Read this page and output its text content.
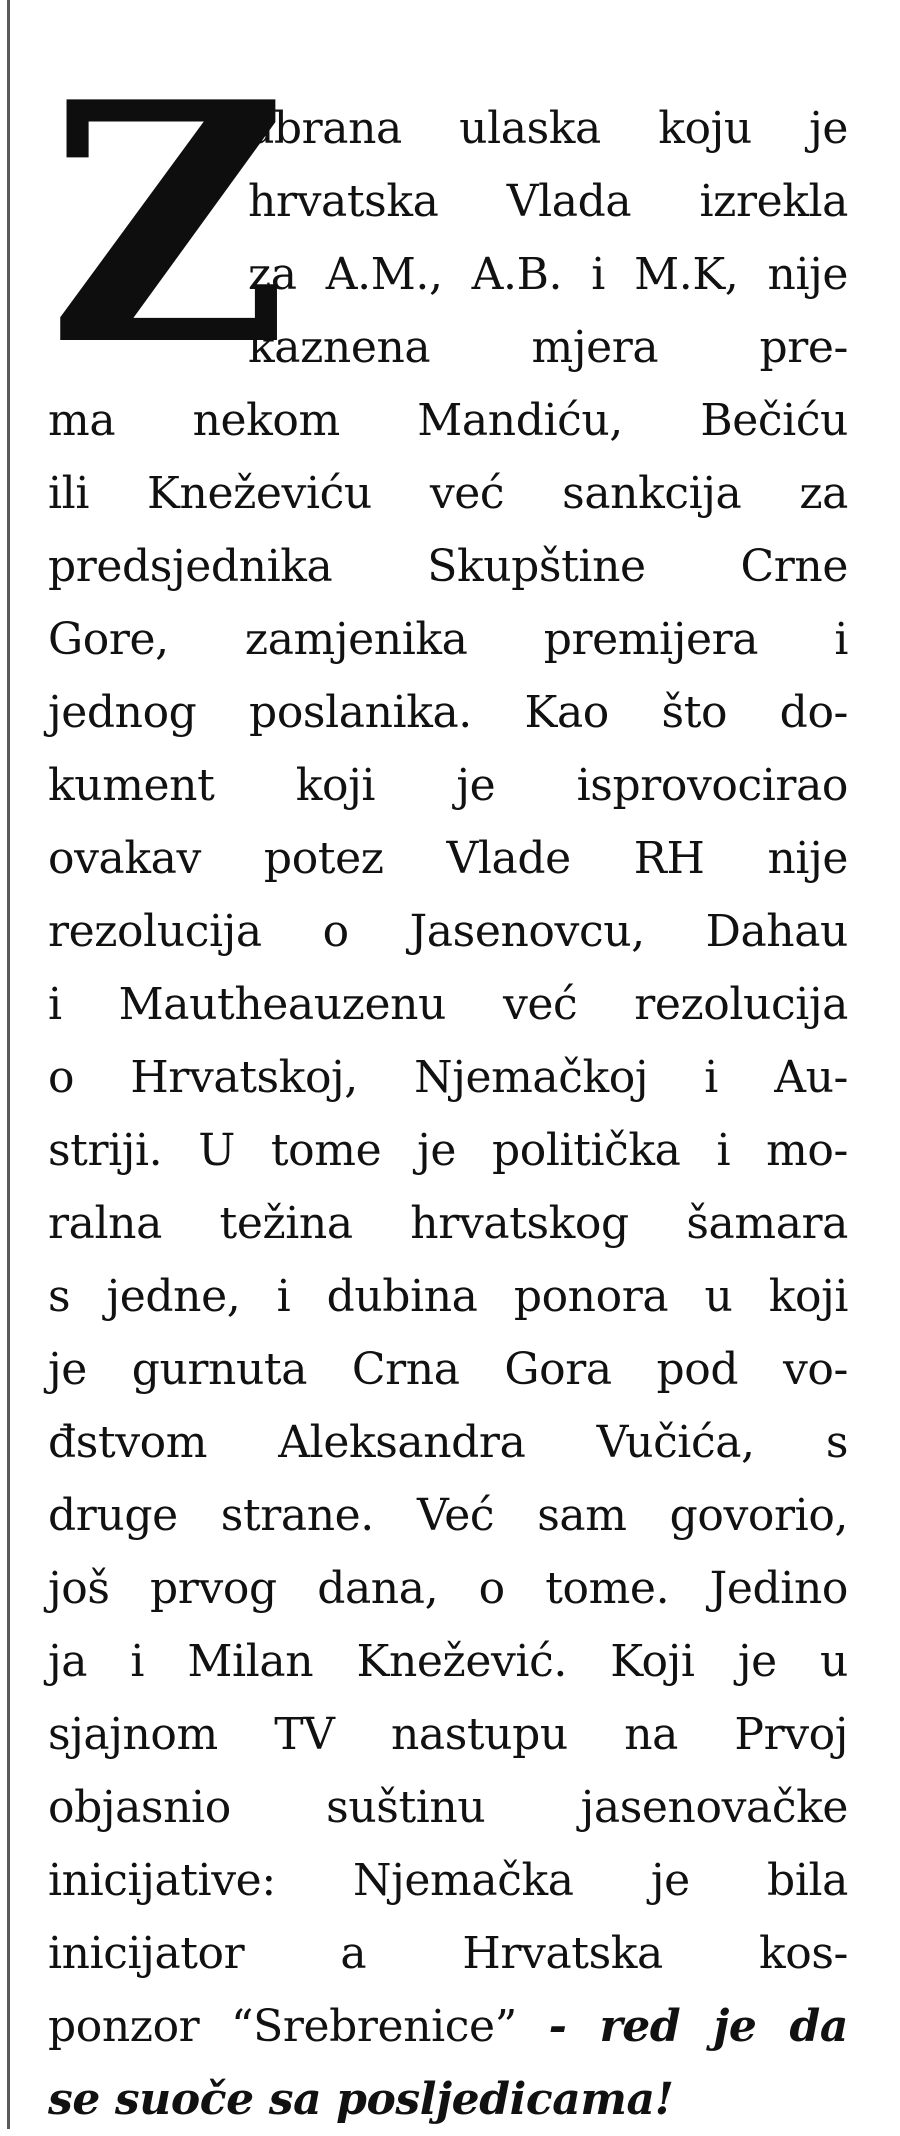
Z

abrana ulaska koju je
hrvatska Vlada izrekla
za A.M., A.B. i M.K, nije
kaznena mjera pre-
ma nekom Mandiću, Bečiću
ili Kneževiću već sankcija za
predsjednika Skupštine Crne
Gore, zamjenika premijera i
jednog poslanika. Kao što do-
kument koji je isprovocirao
ovakav potez Vlade RH nije
rezolucija o Jasenovcu, Dahau
i Mautheauzenu već rezolucija
o Hrvatskoj, Njemačkoj i Au-
striji. U tome je politička i mo-
ralna težina hrvatskog šamara
s jedne, i dubina ponora u koji
je gurnuta Crna Gora pod vo-
đstvom Aleksandra Vučića, s
druge strane. Već sam govorio,
još prvog dana, o tome. Jedino
ja i Milan Knežević. Koji je u
sjajnom TV nastupu na Prvoj
objasnio suštinu jasenovačke
inicijative: Njemačka je bila
inicijator a Hrvatska kos-
ponzor “Srebrenice” - red je da
se suoče sa posljedicama!
